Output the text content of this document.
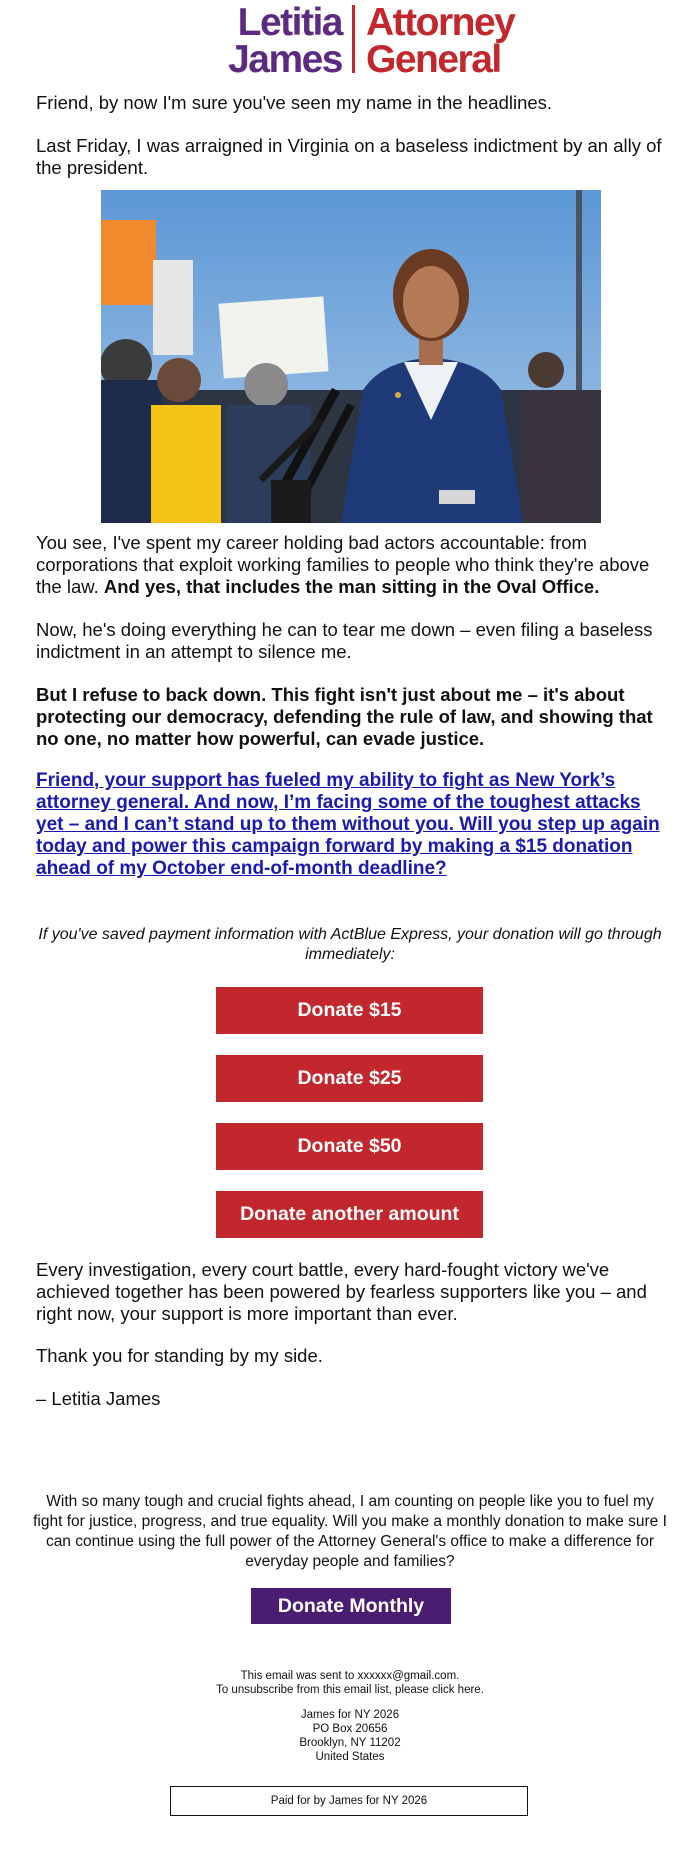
Letitia
James
Attorney
General

Friend, by now I'm sure you've seen my name in the headlines.

Last Friday, I was arraigned in Virginia on a baseless indictment by an ally of the president.

You see, I've spent my career holding bad actors accountable: from corporations that exploit working families to people who think they're above the law. And yes, that includes the man sitting in the Oval Office.

Now, he's doing everything he can to tear me down – even filing a baseless indictment in an attempt to silence me.

But I refuse to back down. This fight isn't just about me – it's about protecting our democracy, defending the rule of law, and showing that no one, no matter how powerful, can evade justice.

Friend, your support has fueled my ability to fight as New York’s attorney general. And now, I’m facing some of the toughest attacks yet – and I can’t stand up to them without you. Will you step up again today and power this campaign forward by making a $15 donation ahead of my October end-of-month deadline?

If you've saved payment information with ActBlue Express, your donation will go through immediately:

Donate $15
Donate $25
Donate $50
Donate another amount

Every investigation, every court battle, every hard-fought victory we've achieved together has been powered by fearless supporters like you – and right now, your support is more important than ever.

Thank you for standing by my side.

– Letitia James

With so many tough and crucial fights ahead, I am counting on people like you to fuel my fight for justice, progress, and true equality. Will you make a monthly donation to make sure I can continue using the full power of the Attorney General's office to make a difference for everyday people and families?

Donate Monthly

This email was sent to xxxxxx@gmail.com.

To unsubscribe from this email list, please click here.

James for NY 2026

PO Box 20656

Brooklyn, NY 11202

United States

Paid for by James for NY 2026
